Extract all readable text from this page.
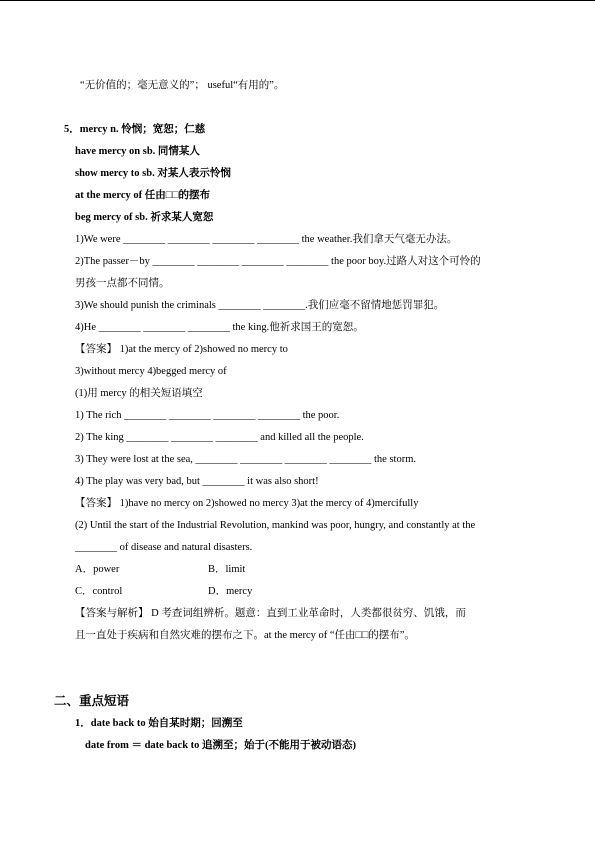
“无价值的；毫无意义的”； useful“有用的”。
5．mercy n. 怜悯；宽恕；仁慈
have mercy on sb. 同情某人
show mercy to sb. 对某人表示怜悯
at the mercy of 任由□□的摆布
beg mercy of sb. 祈求某人宽恕
1)We were ________ ________ ________ ________ the weather.我们拿天气毫无办法。
2)The passer－by ________ ________ ________ ________ the poor boy.过路人对这个可怜的
男孩一点都不同情。
3)We should punish the criminals ________ ________.我们应毫不留情地惩罚罪犯。
4)He ________ ________ ________ the king.他祈求国王的宽恕。
【答案】 1)at the mercy of 2)showed no mercy to
3)without mercy 4)begged mercy of
(1)用 mercy 的相关短语填空
1) The rich ________ ________ ________ ________ the poor.
2) The king ________ ________ ________ and killed all the people.
3) They were lost at the sea, ________ ________ ________ ________ the storm.
4) The play was very bad, but ________ it was also short!
【答案】 1)have no mercy on 2)showed no mercy 3)at the mercy of 4)mercifully
(2) Until the start of the Industrial Revolution, mankind was poor, hungry, and constantly at the
________ of disease and natural disasters.
A．power	B．limit
C．control	D．mercy
【答案与解析】 D 考查词组辨析。题意：直到工业革命时，人类都很贫穷、饥饿，而
且一直处于疾病和自然灾难的摆布之下。at the mercy of “任由□□的摆布”。
二、重点短语
1．date back to 始自某时期；回溯至
date from ＝ date back to 追溯至；始于(不能用于被动语态)
